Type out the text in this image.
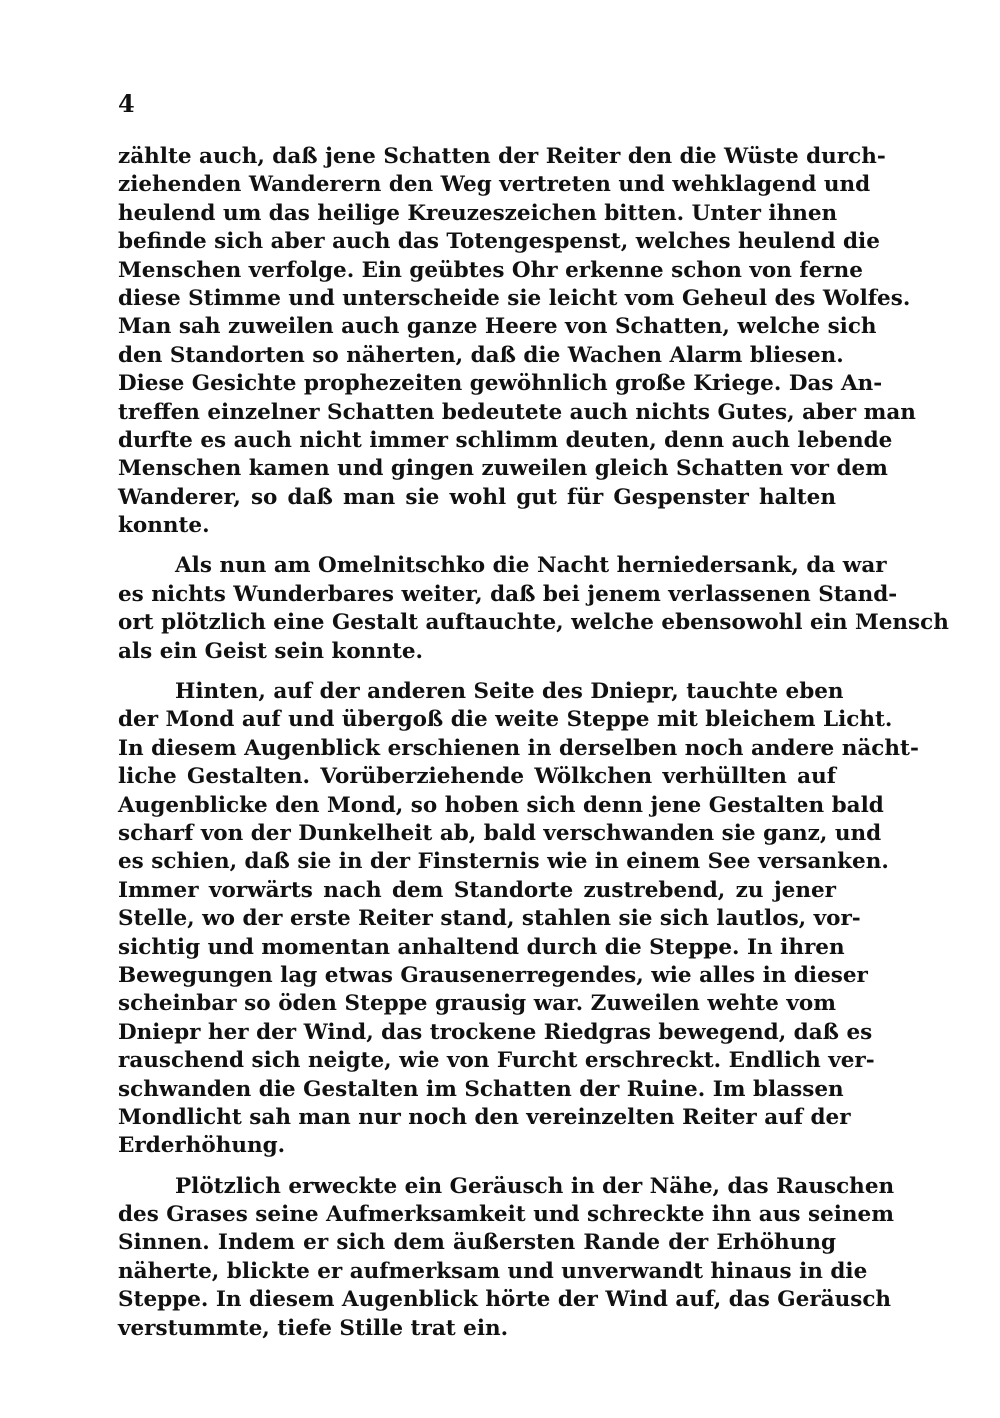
4
zählte auch, daß jene Schatten der Reiter den die Wüste durch-
ziehenden Wanderern den Weg vertreten und wehklagend und
heulend um das heilige Kreuzeszeichen bitten. Unter ihnen
befinde sich aber auch das Totengespenst, welches heulend die
Menschen verfolge. Ein geübtes Ohr erkenne schon von ferne
diese Stimme und unterscheide sie leicht vom Geheul des Wolfes.
Man sah zuweilen auch ganze Heere von Schatten, welche sich
den Standorten so näherten, daß die Wachen Alarm bliesen.
Diese Gesichte prophezeiten gewöhnlich große Kriege. Das An-
treffen einzelner Schatten bedeutete auch nichts Gutes, aber man
durfte es auch nicht immer schlimm deuten, denn auch lebende
Menschen kamen und gingen zuweilen gleich Schatten vor dem
Wanderer, so daß man sie wohl gut für Gespenster halten
konnte.
Als nun am Omelnitschko die Nacht herniedersank, da war
es nichts Wunderbares weiter, daß bei jenem verlassenen Stand-
ort plötzlich eine Gestalt auftauchte, welche ebensowohl ein Mensch
als ein Geist sein konnte.
Hinten, auf der anderen Seite des Dniepr, tauchte eben
der Mond auf und übergoß die weite Steppe mit bleichem Licht.
In diesem Augenblick erschienen in derselben noch andere nächt-
liche Gestalten. Vorüberziehende Wölkchen verhüllten auf
Augenblicke den Mond, so hoben sich denn jene Gestalten bald
scharf von der Dunkelheit ab, bald verschwanden sie ganz, und
es schien, daß sie in der Finsternis wie in einem See versanken.
Immer vorwärts nach dem Standorte zustrebend, zu jener
Stelle, wo der erste Reiter stand, stahlen sie sich lautlos, vor-
sichtig und momentan anhaltend durch die Steppe. In ihren
Bewegungen lag etwas Grausenerregendes, wie alles in dieser
scheinbar so öden Steppe grausig war. Zuweilen wehte vom
Dniepr her der Wind, das trockene Riedgras bewegend, daß es
rauschend sich neigte, wie von Furcht erschreckt. Endlich ver-
schwanden die Gestalten im Schatten der Ruine. Im blassen
Mondlicht sah man nur noch den vereinzelten Reiter auf der
Erderhöhung.
Plötzlich erweckte ein Geräusch in der Nähe, das Rauschen
des Grases seine Aufmerksamkeit und schreckte ihn aus seinem
Sinnen. Indem er sich dem äußersten Rande der Erhöhung
näherte, blickte er aufmerksam und unverwandt hinaus in die
Steppe. In diesem Augenblick hörte der Wind auf, das Geräusch
verstummte, tiefe Stille trat ein.
